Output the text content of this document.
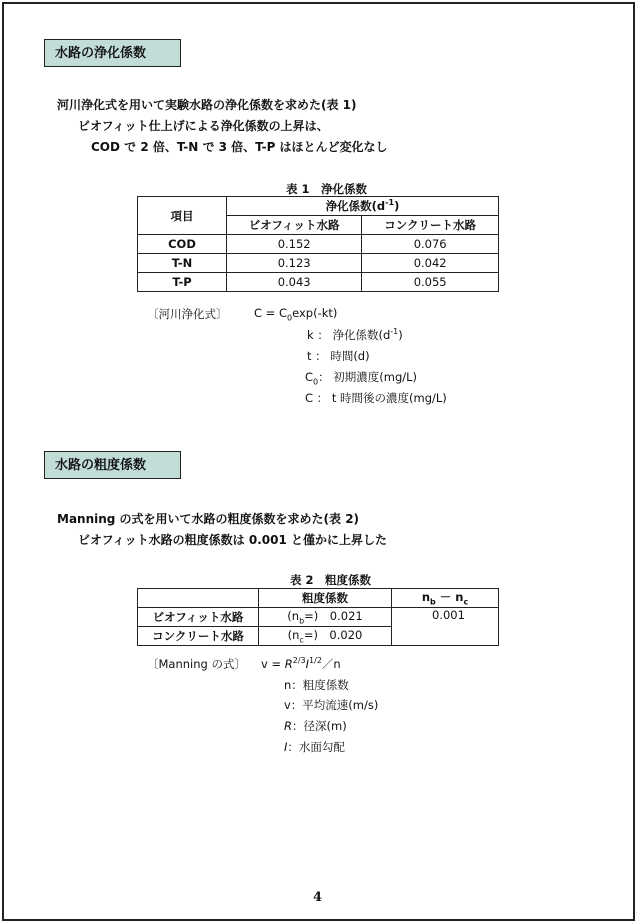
水路の浄化係数
河川浄化式を用いて実験水路の浄化係数を求めた(表 1)
ビオフィット仕上げによる浄化係数の上昇は、
COD で 2 倍、T-N で 3 倍、T-P はほとんど変化なし
表 1　浄化係数
項目	浄化係数$(d^{-1})$	
	ビオフィット水路	コンクリート水路
COD	0.152	0.076
T-N	0.123	0.042
T-P	0.043	0.055
〔河川浄化式〕 $C = C_0\exp(-kt)$
k ： 浄化係数$(d^{-1})$
t ： 時間(d)
$C_0$： 初期濃度(mg/L)
C ： t 時間後の濃度(mg/L)
水路の粗度係数
Manning の式を用いて水路の粗度係数を求めた(表 2)
ビオフィット水路の粗度係数は 0.001 と僅かに上昇した
表 2　粗度係数
	粗度係数	$n_b - n_c$
ビオフィット水路	$(n_b=)$　0.021	0.001
コンクリート水路	$(n_c=)$　0.020	
〔Manning の式〕 $v = R^{2/3}I^{1/2}/n$
n：粗度係数
v：平均流速(m/s)
R：径深(m)
I：水面勾配
4
